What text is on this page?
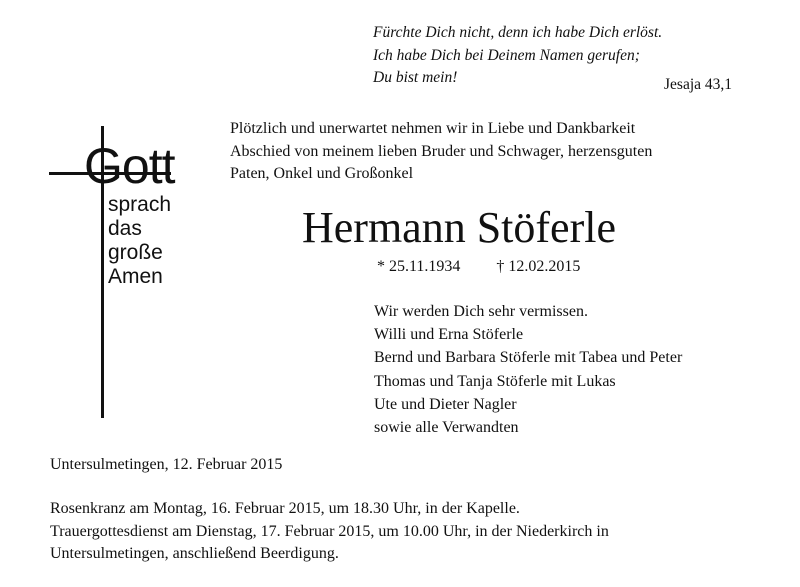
Fürchte Dich nicht, denn ich habe Dich erlöst.
Ich habe Dich bei Deinem Namen gerufen;
Du bist mein!	Jesaja 43,1
Gott
sprach
das
große
Amen
Plötzlich und unerwartet nehmen wir in Liebe und Dankbarkeit
Abschied von meinem lieben Bruder und Schwager, herzensguten
Paten, Onkel und Großonkel
Hermann Stöferle
* 25.11.1934 † 12.02.2015
Wir werden Dich sehr vermissen.
Willi und Erna Stöferle
Bernd und Barbara Stöferle mit Tabea und Peter
Thomas und Tanja Stöferle mit Lukas
Ute und Dieter Nagler
sowie alle Verwandten
Untersulmetingen, 12. Februar 2015
Rosenkranz am Montag, 16. Februar 2015, um 18.30 Uhr, in der Kapelle.
Trauergottesdienst am Dienstag, 17. Februar 2015, um 10.00 Uhr, in der Niederkirch in
Untersulmetingen, anschließend Beerdigung.
